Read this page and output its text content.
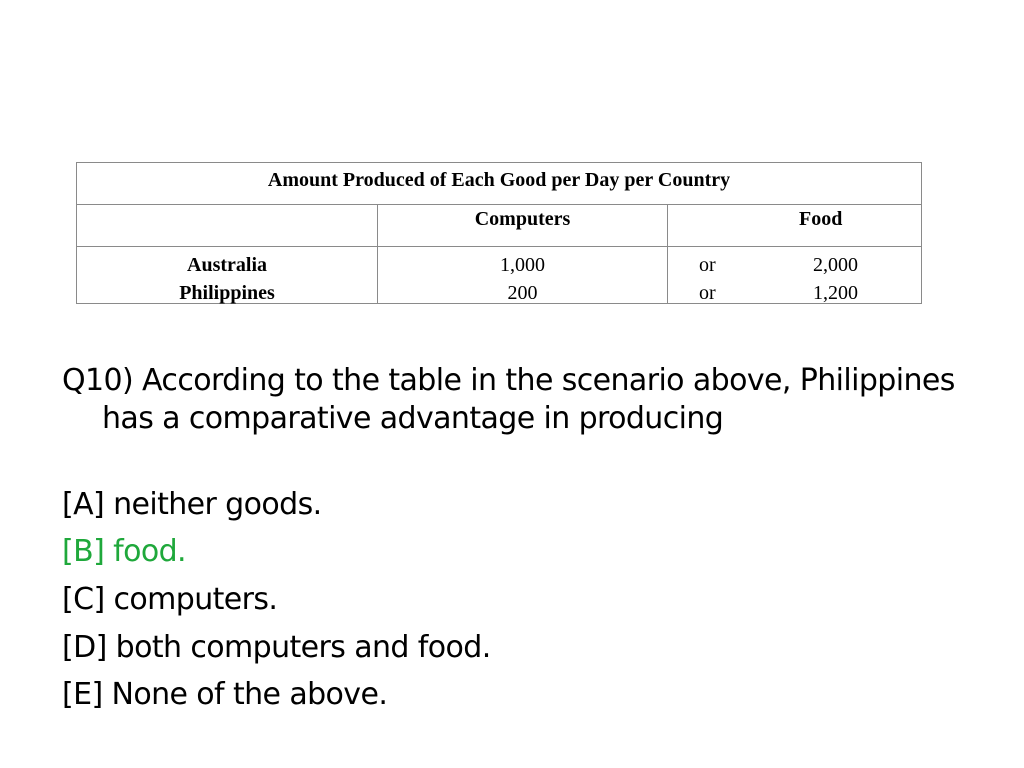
Amount Produced of Each Good per Day per Country
Computers	Food
Australia
Philippines
1,000
200
or
or
2,000
1,200
Q10) According to the table in the scenario above, Philippines has a comparative advantage in producing
[A] neither goods.
[B] food.
[C] computers.
[D] both computers and food.
[E] None of the above.
